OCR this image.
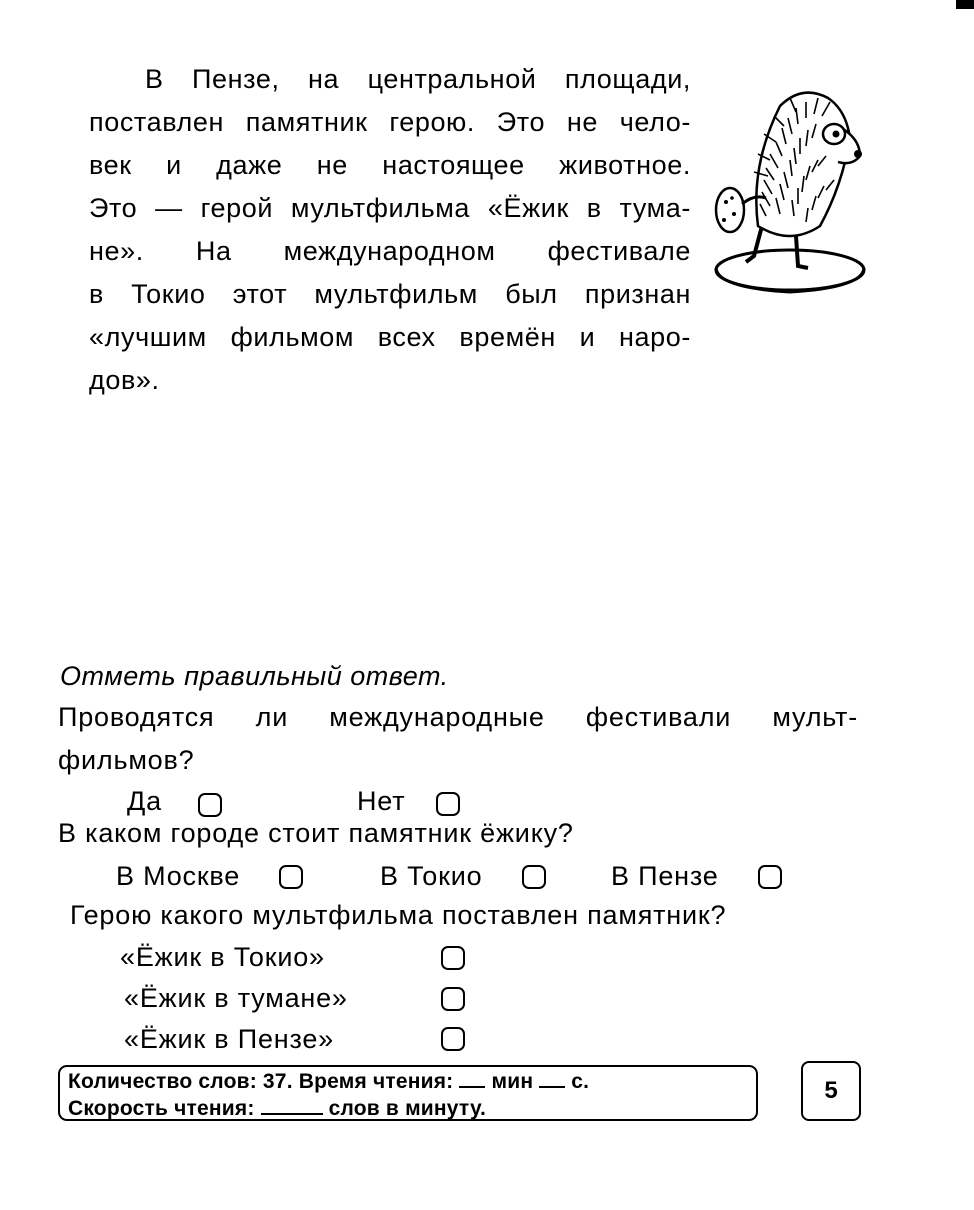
В Пензе, на центральной площади,
поставлен памятник герою. Это не чело-
век и даже не настоящее животное.
Это — герой мультфильма «Ёжик в тума-
не». На международном фестивале
в Токио этот мультфильм был признан
«лучшим фильмом всех времён и наро-
дов».
Отметь правильный ответ.
Проводятся ли международные фестивали мульт-
фильмов?
Да	Нет
В каком городе стоит памятник ёжику?
В Москве	В Токио	В Пензе
Герою какого мультфильма поставлен памятник?
«Ёжик в Токио»
«Ёжик в тумане»
«Ёжик в Пензе»
Количество слов: 37. Время чтения: мин с.
Скорость чтения:	слов в минуту.
5
